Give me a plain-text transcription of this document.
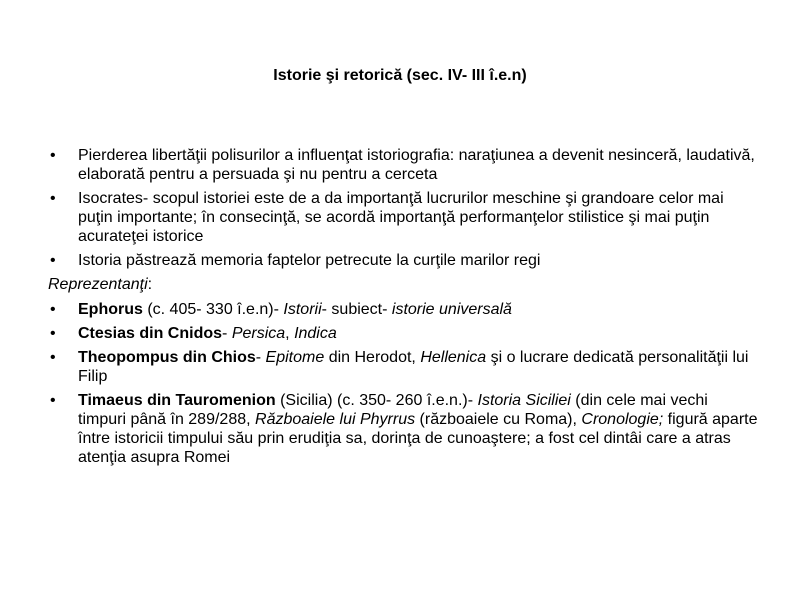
Istorie şi retorică (sec. IV- III î.e.n)
• Pierderea libertăţii polisurilor a influenţat istoriografia: naraţiunea a devenit nesinceră, laudativă, elaborată pentru a persuada şi nu pentru a cerceta
• Isocrates- scopul istoriei este de a da importanţă lucrurilor meschine şi grandoare celor mai puţin importante; în consecinţă, se acordă importanţă performanţelor stilistice şi mai puţin acurateţei istorice
• Istoria păstrează memoria faptelor petrecute la curţile marilor regi
Reprezentanţi:
• Ephorus (c. 405- 330 î.e.n)- Istorii- subiect- istorie universală
• Ctesias din Cnidos- Persica, Indica
• Theopompus din Chios- Epitome din Herodot, Hellenica şi o lucrare dedicată personalităţii lui Filip
• Timaeus din Tauromenion (Sicilia) (c. 350- 260 î.e.n.)- Istoria Siciliei (din cele mai vechi timpuri până în 289/288, Războaiele lui Phyrrus (războaiele cu Roma), Cronologie; figură aparte între istoricii timpului său prin erudiţia sa, dorinţa de cunoaştere; a fost cel dintâi care a atras atenţia asupra Romei
